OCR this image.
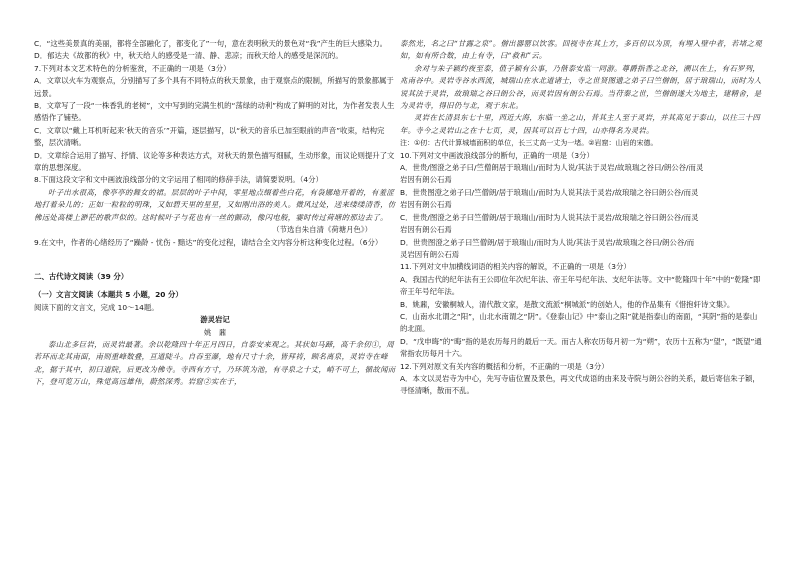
C．“这些美景真的美丽，都将全部融化了，都变化了”一句，意在表明秋天的景色对“我”产生的巨大感染力。

D．郁达夫《故都的秋》中，秋天给人的感受是一清、静、悲凉；而秋天给人的感受是深沉的。

7.下列对本文艺术特色的分析鉴赏，不正确的一项是（3分）

A．文章以火车为观察点，分别描写了多个具有不同特点的秋天景象，由于观察点的限制，所描写的景象都属于远景。

B．文章写了一段“一株香乳的老树”，文中写到的完满生机的“荡绿的动利”构成了鲜明的对比，为作者发表人生感悟作了铺垫。

C．文章以“戴上耳机听起来‘秋天的音乐’”开篇，逐层描写，以“秋天的音乐已加至眼前的声音”收束，结构完整，层次清晰。

D．文章综合运用了描写、抒情、议论等多种表达方式，对秋天的景色描写细腻，生动形象，而议论则提升了文章的思想深度。

8.下面这段文字和文中画波浪线部分的文字运用了相同的修辞手法，请简要说明。（4分）

叶子出水很高，像亭亭的舞女的裙。层层的叶子中间，零星地点缀着些白花，有袅娜地开着的，有羞涩地打着朵儿的；正如一粒粒的明珠，又如碧天里的星星，又如刚出浴的美人。微风过处，送来缕缕清香，仿佛远处高楼上渺茫的歌声似的。这时候叶子与花也有一丝的颤动，像闪电般，霎时传过荷塘的那边去了。

（节选自朱自清《荷塘月色》）

9.在文中，作者的心绪经历了“躁龄 - 忧伤 - 黯达”的变化过程，请结合全文内容分析这种变化过程。（6分）

二、古代诗文阅读（39 分）

（一）文言文阅读（本题共 5 小题，20 分）

阅读下面的文言文，完成 10～14题。

游灵岩记

姚　鼐

泰山北多巨岩，而灵岩最著。余以乾隆四十年正月四日，自泰安来观之。其状如马蹄，高千余仞①，周若环而北其南面，南则重峰数叠，亘道陡斗。自吞至瀑，地有尺寸十余，皆拜祷，顾名离泉，灵岩寺在峰北，据于其中，初曰道院，后更改为佛寺。寺西有方寸，乃环筑为池，有寻泉之十丈，峭不可上，循故闻而下，登可览万山，殊觉高远雄伟，蔚然深秀。岩窟②实在于，

泰然光，名之曰“甘露之泉”。僧出器罂以饮客。回视寺在其上方，多百仞以为顶，有埋入壁中者，若堵之观如，如有所合数，由上有寺，曰“救和”云。

余对与朱子颖约夜至泰，值子颖有公事，乃偕泰安监一同游。尊爵指香之北谷，溯以在上，有石罗列，兆南谷中。灵岩寺谷水西流，城瑞山在水北道诸士，寺之世贤图遗之弟子曰竺僧朗，居于琅瑞山，而时为人说其法于灵岩，故琅瑞之谷曰朗公谷，而灵岩因有朗公石焉。当苻秦之世，竺僧朗遂大为地主，建精舍，是为灵岩寺，得旧仍与北，观于东北。

灵岩在长清县东七十里，西近大海，东临一坐之山，昔其主人至于灵岩，并其高见于泰山，以往三十四年。寺今之灵岩山之在十七页，灵，因其可以百七十四，山亦得名为灵岩。

注：①仞：古代计算城墙面积的单位，长三丈高一丈为一堵。②岩窟：山岩的宋德。

10.下列对文中画波浪线部分的断句，正确的一项是（3分）

A．世贵/图澄之弟子曰/竺僧朗居于琅瑞山/而时为人说/其法于灵岩/故琅瑞之谷曰/朗公谷/而灵
岩因有朗公石焉

B．世贵图澄之弟子曰/竺僧朗/居于琅瑞山/而时为人说其法于灵岩/故琅瑞之谷曰朗公谷/而灵
岩因有朗公石焉

C．世贵/图澄之弟子曰竺僧朗/居于琅瑞山/而时为人说其法于灵岩/故琅瑞之谷曰朗公谷/而灵
岩因有朗公石焉

D．世贵图澄之弟子曰竺僧朗/居于琅瑞山/而时为人说/其法于灵岩/故琅瑞之谷曰/朗公谷/而
灵岩因有朗公石焉

11.下列对文中加横线词语的相关内容的解说，不正确的一项是（3分）

A．我国古代的纪年法有王公即位年次纪年法、帝王年号纪年法、支纪年法等。文中“乾隆四十年”中的“乾隆”即帝王年号纪年法。

B．姚鼐，安徽桐城人，清代散文家，是散文流派“桐城派”的创始人，他的作品集有《惜抱轩诗文集》。

C．山南水北谓之“阳”，山北水南谓之“阴”。《登泰山记》中“泰山之阳”就是指泰山的南面，“其阴”指的是泰山的北面。

D．“戊申晦”的“晦”指的是农历每月的最后一天。而古人称农历每月初一为“朔”，农历十五称为“望”，“既望”通常指农历每月十六。

12.下列对原文有关内容的概括和分析，不正确的一项是（3分）

A．本文以灵岩寺为中心，先写寺庙位置及景色，再文代成语的由来及寺院与朗公谷的关系，最后寄信朱子颖，寻怪清晰，散而不乱。
